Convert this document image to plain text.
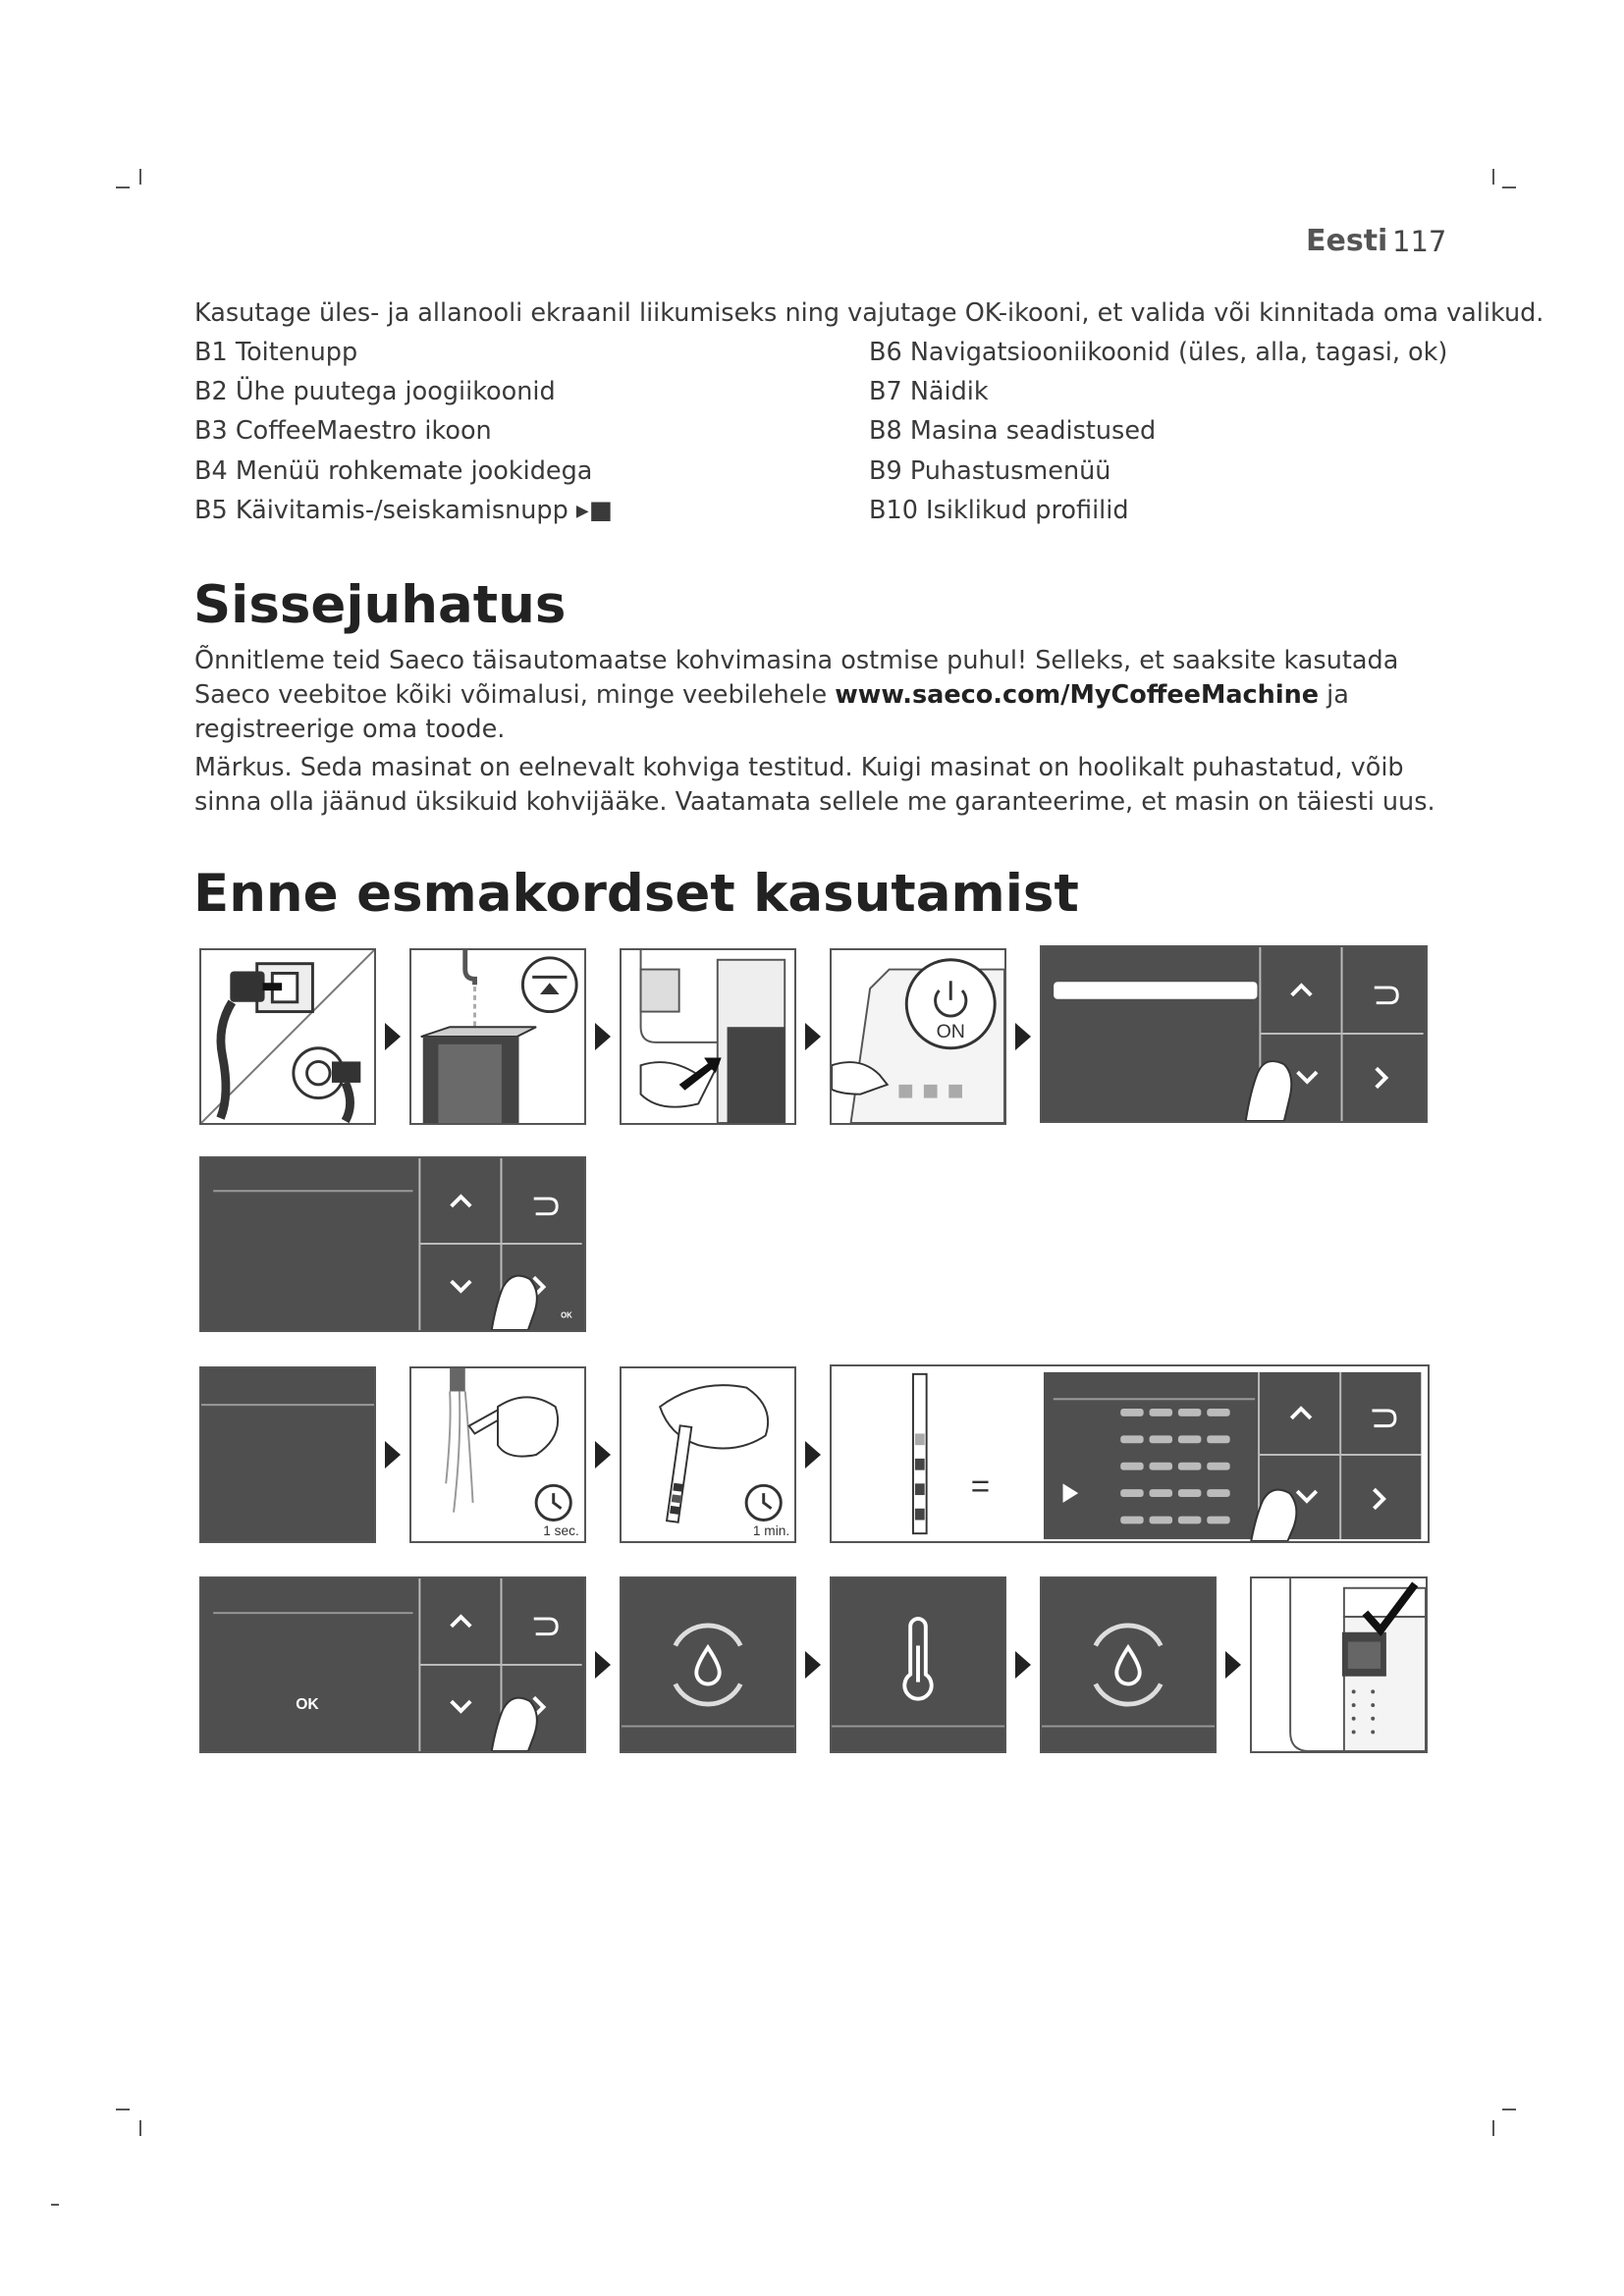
Eesti 117
Kasutage üles- ja allanooli ekraanil liikumiseks ning vajutage OK-ikooni, et valida või kinnitada oma valikud.
B1 Toitenupp
B2 Ühe puutega joogiikoonid
B3 CoffeeMaestro ikoon
B4 Menüü rohkemate jookidega
B5 Käivitamis-/seiskamisnupp ▸■
B6 Navigatsiooniikoonid (üles, alla, tagasi, ok)
B7 Näidik
B8 Masina seadistused
B9 Puhastusmenüü
B10 Isiklikud profiilid
Sissejuhatus
Õnnitleme teid Saeco täisautomaatse kohvimasina ostmise puhul! Selleks, et saaksite kasutada Saeco veebitoe kõiki võimalusi, minge veebilehele www.saeco.com/MyCoffeeMachine ja registreerige oma toode.
Märkus. Seda masinat on eelnevalt kohviga testitud. Kuigi masinat on hoolikalt puhastatud, võib sinna olla jäänud üksikuid kohvijääke. Vaatamata sellele me garanteerime, et masin on täiesti uus.
Enne esmakordset kasutamist
ON
OK
1 sec.	1 min.
=
OK
